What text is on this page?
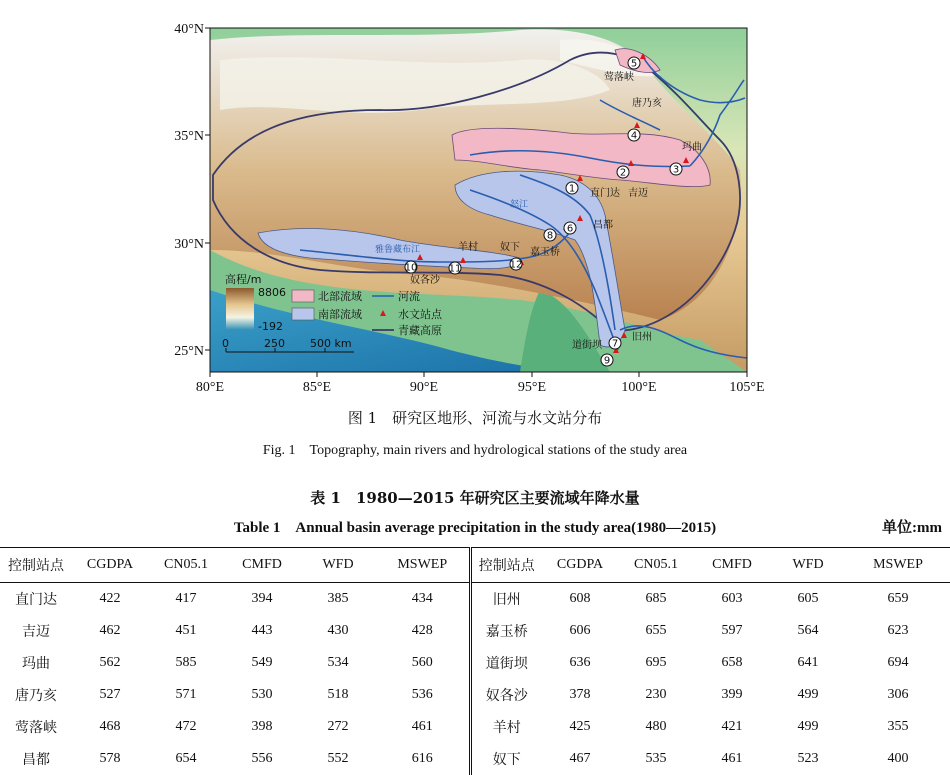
1
2	3
4
5
6
7
8
9
10	11	12
直门达 吉迈
玛曲
唐乃亥
莺落峡
昌都
旧州
嘉玉桥
道街坝
奴各沙
羊村 奴下
怒江
雅鲁藏布江
高程/m
8806
-192
北部流域
南部流域
河流
水文站点
青藏高原
0	250 500 km
40°N
35°N
30°N
25°N
80°E	85°E	90°E	95°E	100°E	105°E
图 1　研究区地形、河流与水文站分布
Fig. 1　Topography, main rivers and hydrological stations of the study area
表 1　1980—2015 年研究区主要流域年降水量
Table 1　Annual basin average precipitation in the study area(1980—2015)	单位:mm
控制站点	CGDPA	CN05.1	CMFD	WFD	MSWEP	控制站点	CGDPA	CN05.1	CMFD	WFD	MSWEP
直门达	422	417	394	385	434	旧州	608	685	603	605	659
吉迈	462	451	443	430	428	嘉玉桥	606	655	597	564	623
玛曲	562	585	549	534	560	道街坝	636	695	658	641	694
唐乃亥	527	571	530	518	536	奴各沙	378	230	399	499	306
莺落峡	468	472	398	272	461	羊村	425	480	421	499	355
昌都	578	654	556	552	616	奴下	467	535	461	523	400
